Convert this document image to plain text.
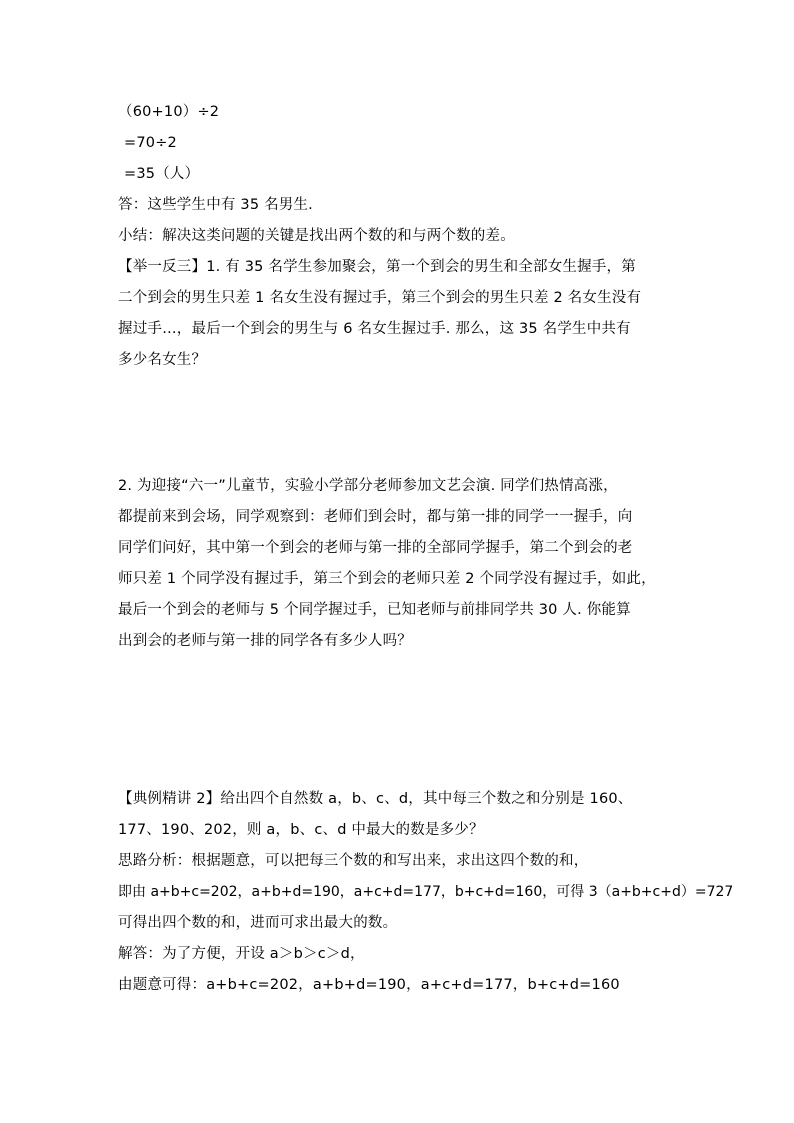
（60+10）÷2
=70÷2
=35（人）
答：这些学生中有 35 名男生.
小结：解决这类问题的关键是找出两个数的和与两个数的差。
【举一反三】1. 有 35 名学生参加聚会，第一个到会的男生和全部女生握手，第
二个到会的男生只差 1 名女生没有握过手，第三个到会的男生只差 2 名女生没有
握过手…，最后一个到会的男生与 6 名女生握过手. 那么，这 35 名学生中共有
多少名女生？
2. 为迎接“六一”儿童节，实验小学部分老师参加文艺会演. 同学们热情高涨，
都提前来到会场，同学观察到：老师们到会时，都与第一排的同学一一握手，向
同学们问好，其中第一个到会的老师与第一排的全部同学握手，第二个到会的老
师只差 1 个同学没有握过手，第三个到会的老师只差 2 个同学没有握过手，如此，
最后一个到会的老师与 5 个同学握过手，已知老师与前排同学共 30 人. 你能算
出到会的老师与第一排的同学各有多少人吗？
【典例精讲 2】给出四个自然数 a，b、c、d，其中每三个数之和分别是 160、
177、190、202，则 a，b、c、d 中最大的数是多少？
思路分析：根据题意，可以把每三个数的和写出来，求出这四个数的和，
即由 a+b+c=202，a+b+d=190，a+c+d=177，b+c+d=160，可得 3（a+b+c+d）=727
可得出四个数的和，进而可求出最大的数。
解答：为了方便，开设 a＞b＞c＞d，
由题意可得：a+b+c=202，a+b+d=190，a+c+d=177，b+c+d=160
